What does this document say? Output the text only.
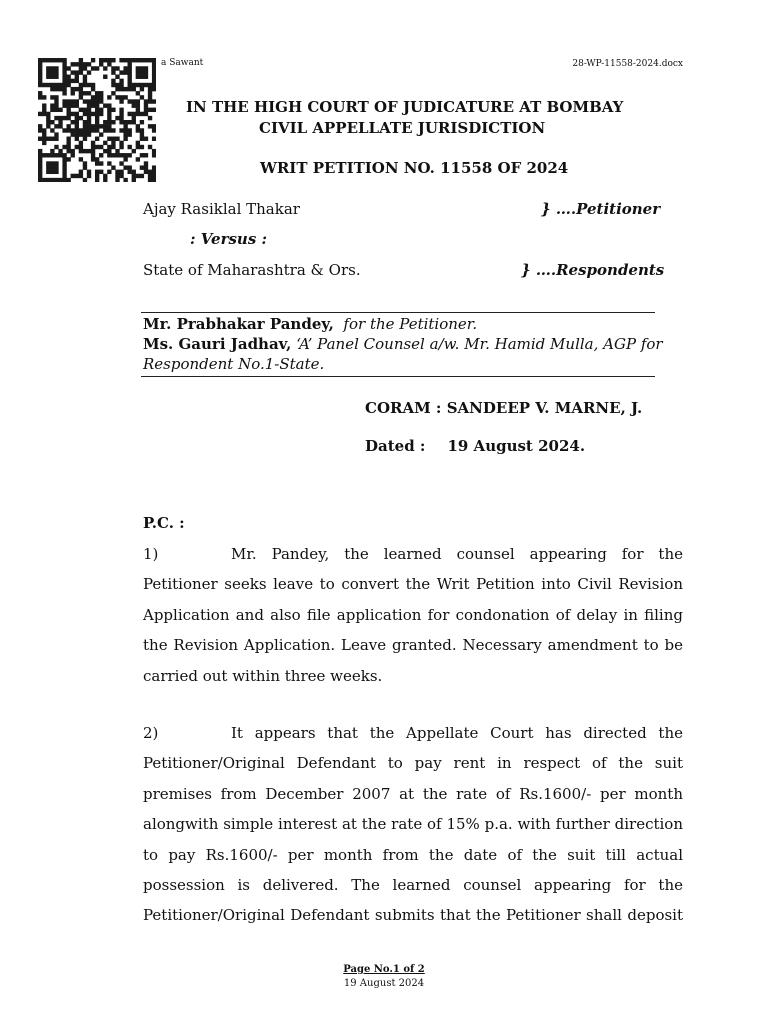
a Sawant	28-WP-11558-2024.docx
IN THE HIGH COURT OF JUDICATURE AT BOMBAY
CIVIL APPELLATE JURISDICTION
WRIT PETITION NO. 11558 OF 2024
Ajay Rasiklal Thakar	} ….Petitioner
: Versus :
State of Maharashtra & Ors.	} ….Respondents
Mr. Prabhakar Pandey, for the Petitioner.
Ms. Gauri Jadhav, ‘A’ Panel Counsel a/w. Mr. Hamid Mulla, AGP for
Respondent No.1-State.
CORAM : SANDEEP V. MARNE, J.
Dated : 19 August 2024.
P.C. :
1)	Mr. Pandey, the learned counsel appearing for the
Petitioner seeks leave to convert the Writ Petition into Civil Revision
Application and also file application for condonation of delay in filing
the Revision Application. Leave granted. Necessary amendment to be
carried out within three weeks.
2)	It appears that the Appellate Court has directed the
Petitioner/Original Defendant to pay rent in respect of the suit
premises from December 2007 at the rate of Rs.1600/- per month
alongwith simple interest at the rate of 15% p.a. with further direction
to pay Rs.1600/- per month from the date of the suit till actual
possession is delivered. The learned counsel appearing for the
Petitioner/Original Defendant submits that the Petitioner shall deposit
Page No.1 of 2
19 August 2024
